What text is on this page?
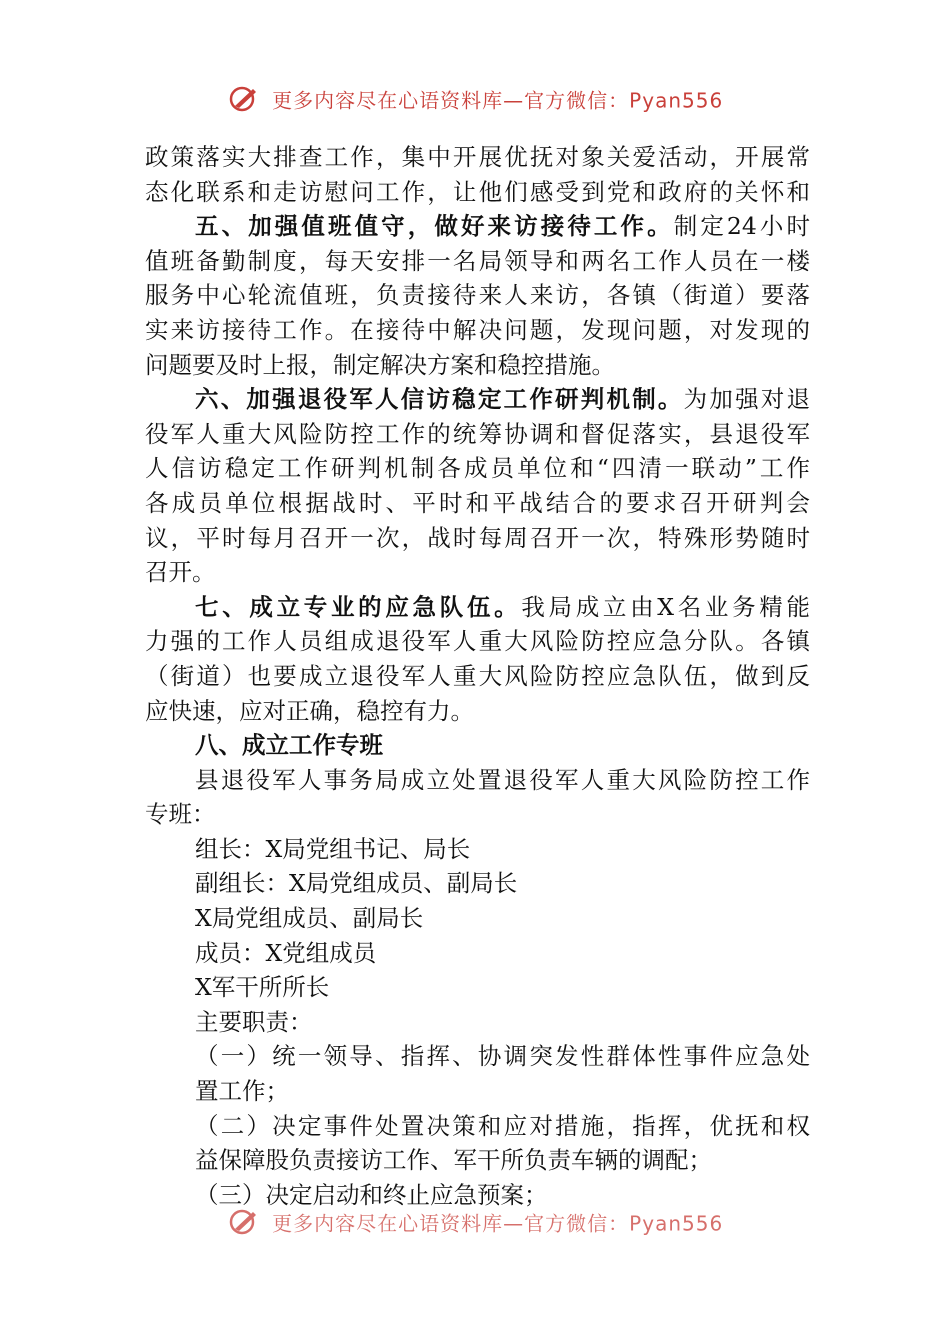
更多内容尽在心语资料库—官方微信：Pyan556
政策落实大排查工作，集中开展优抚对象关爱活动，开展常
态化联系和走访慰问工作，让他们感受到党和政府的关怀和
五、加强值班值守，做好来访接待工作。制定24小时
值班备勤制度，每天安排一名局领导和两名工作人员在一楼
服务中心轮流值班，负责接待来人来访，各镇（街道）要落
实来访接待工作。在接待中解决问题，发现问题，对发现的
问题要及时上报，制定解决方案和稳控措施。
六、加强退役军人信访稳定工作研判机制。为加强对退
役军人重大风险防控工作的统筹协调和督促落实，县退役军
人信访稳定工作研判机制各成员单位和“四清一联动”工作
各成员单位根据战时、平时和平战结合的要求召开研判会
议，平时每月召开一次，战时每周召开一次，特殊形势随时
召开。
七、成立专业的应急队伍。我局成立由X名业务精能
力强的工作人员组成退役军人重大风险防控应急分队。各镇
（街道）也要成立退役军人重大风险防控应急队伍，做到反
应快速，应对正确，稳控有力。
八、成立工作专班
县退役军人事务局成立处置退役军人重大风险防控工作
专班：
组长：X局党组书记、局长
副组长：X局党组成员、副局长
X局党组成员、副局长
成员：X党组成员
X军干所所长
主要职责：
（一）统一领导、指挥、协调突发性群体性事件应急处
置工作；
（二）决定事件处置决策和应对措施，指挥，优抚和权
益保障股负责接访工作、军干所负责车辆的调配；
（三）决定启动和终止应急预案；
更多内容尽在心语资料库—官方微信：Pyan556
